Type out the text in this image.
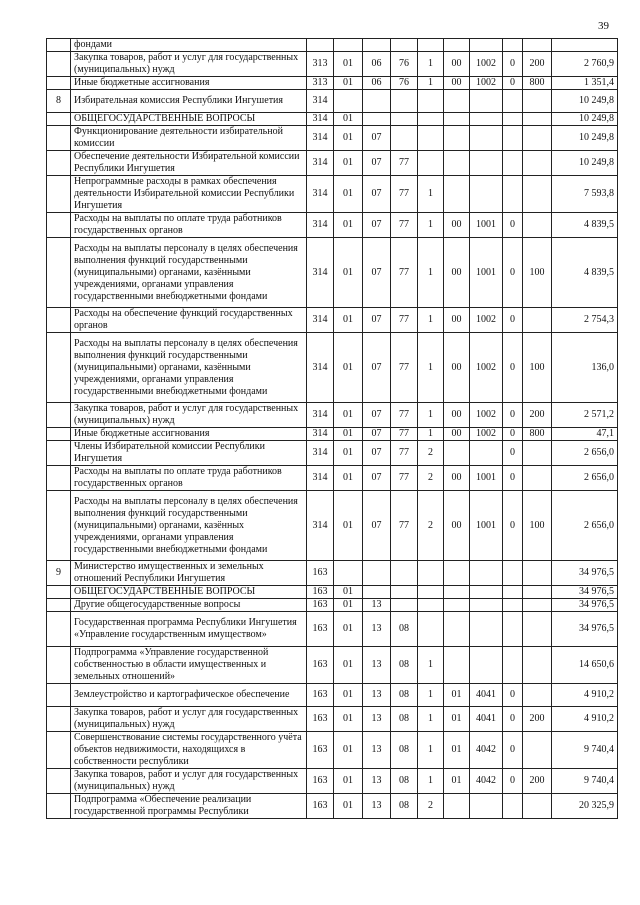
39
	фондами										
	Закупка товаров, работ и услуг для государственных (муниципальных) нужд	313	01	06	76	1	00	1002	0	200	2 760,9
	Иные бюджетные ассигнования	313	01	06	76	1	00	1002	0	800	1 351,4
8	Избирательная комиссия Республики Ингушетия	314									10 249,8
	ОБЩЕГОСУДАРСТВЕННЫЕ ВОПРОСЫ	314	01								10 249,8
	Функционирование деятельности избирательной комиссии	314	01	07							10 249,8
	Обеспечение деятельности Избирательной комиссии Республики Ингушетия	314	01	07	77						10 249,8
	Непрограммные расходы в рамках обеспечения деятельности Избирательной комиссии Республики Ингушетия	314	01	07	77	1					7 593,8
	Расходы на выплаты по оплате труда работников государственных органов	314	01	07	77	1	00	1001	0		4 839,5
	Расходы на выплаты персоналу в целях обеспечения выполнения функций государственными (муниципальными) органами, казёнными учреждениями, органами управления государственными внебюджетными фондами	314	01	07	77	1	00	1001	0	100	4 839,5
	Расходы на обеспечение функций государственных органов	314	01	07	77	1	00	1002	0		2 754,3
	Расходы на выплаты персоналу в целях обеспечения выполнения функций государственными (муниципальными) органами, казёнными учреждениями, органами управления государственными внебюджетными фондами	314	01	07	77	1	00	1002	0	100	136,0
	Закупка товаров, работ и услуг для государственных (муниципальных) нужд	314	01	07	77	1	00	1002	0	200	2 571,2
	Иные бюджетные ассигнования	314	01	07	77	1	00	1002	0	800	47,1
	Члены Избирательной комиссии Республики Ингушетия	314	01	07	77	2			0		2 656,0
	Расходы на выплаты по оплате труда работников государственных органов	314	01	07	77	2	00	1001	0		2 656,0
	Расходы на выплаты персоналу в целях обеспечения выполнения функций государственными (муниципальными) органами, казённых учреждениями, органами управления государственными внебюджетными фондами	314	01	07	77	2	00	1001	0	100	2 656,0
9	Министерство имущественных и земельных отношений Республики Ингушетия	163									34 976,5
	ОБЩЕГОСУДАРСТВЕННЫЕ ВОПРОСЫ	163	01								34 976,5
	Другие общегосударственные вопросы	163	01	13							34 976,5
	Государственная программа Республики Ингушетия «Управление государственным имуществом»	163	01	13	08						34 976,5
	Подпрограмма «Управление государственной собственностью в области имущественных и земельных отношений»	163	01	13	08	1					14 650,6
	Землеустройство и картографическое обеспечение	163	01	13	08	1	01	4041	0		4 910,2
	Закупка товаров, работ и услуг для государственных (муниципальных) нужд	163	01	13	08	1	01	4041	0	200	4 910,2
	Совершенствование системы государственного учёта объектов недвижимости, находящихся в собственности республики	163	01	13	08	1	01	4042	0		9 740,4
	Закупка товаров, работ и услуг для государственных (муниципальных) нужд	163	01	13	08	1	01	4042	0	200	9 740,4
	Подпрограмма «Обеспечение реализации государственной программы Республики	163	01	13	08	2					20 325,9
